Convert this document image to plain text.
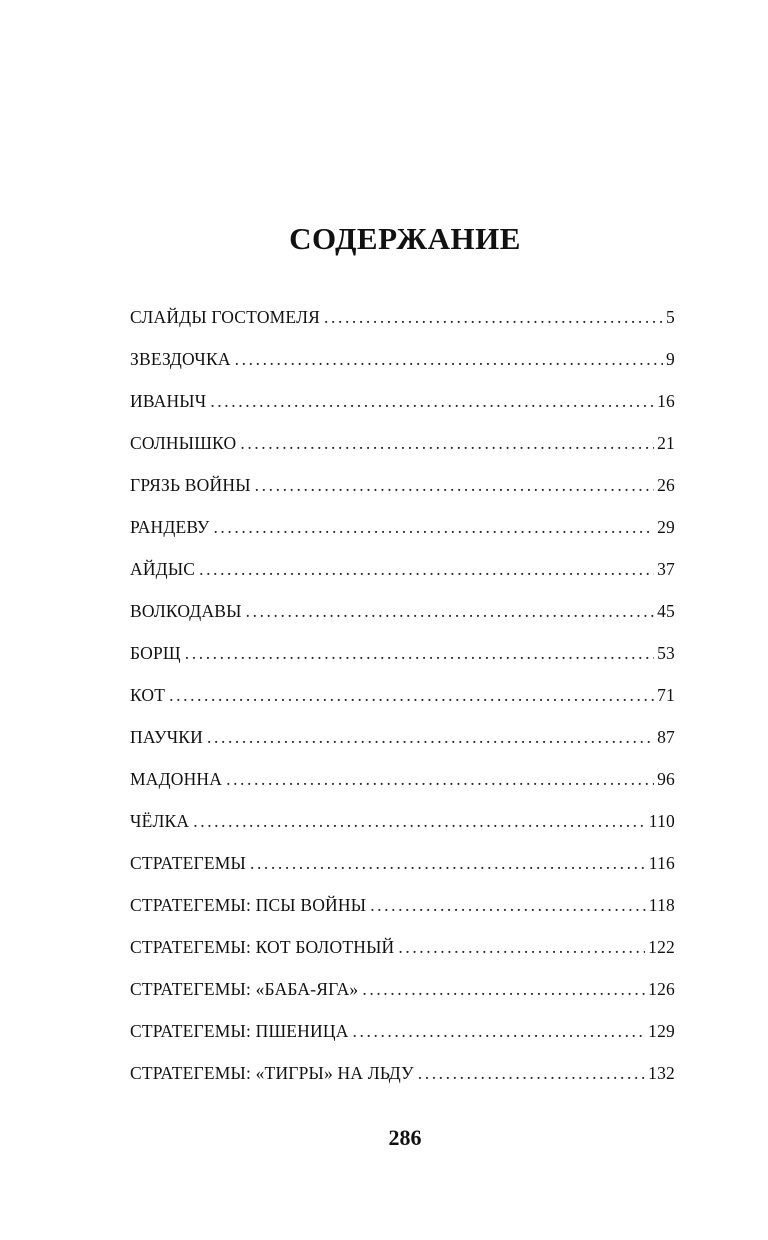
СОДЕРЖАНИЕ
СЛАЙДЫ ГОСТОМЕЛЯ .....	5
ЗВЕЗДОЧКА .....	9
ИВАНЫЧ .....	16
СОЛНЫШКО .....	21
ГРЯЗЬ ВОЙНЫ .....	26
РАНДЕВУ .....	29
АЙДЫС .....	37
ВОЛКОДАВЫ .....	45
БОРЩ .....	53
КОТ .....	71
ПАУЧКИ .....	87
МАДОННА .....	96
ЧЁЛКА .....	110
СТРАТЕГЕМЫ .....	116
СТРАТЕГЕМЫ: ПСЫ ВОЙНЫ .....	118
СТРАТЕГЕМЫ: КОТ БОЛОТНЫЙ .....	122
СТРАТЕГЕМЫ: «БАБА-ЯГА» .....	126
СТРАТЕГЕМЫ: ПШЕНИЦА .....	129
СТРАТЕГЕМЫ: «ТИГРЫ» НА ЛЬДУ .....	132
286
